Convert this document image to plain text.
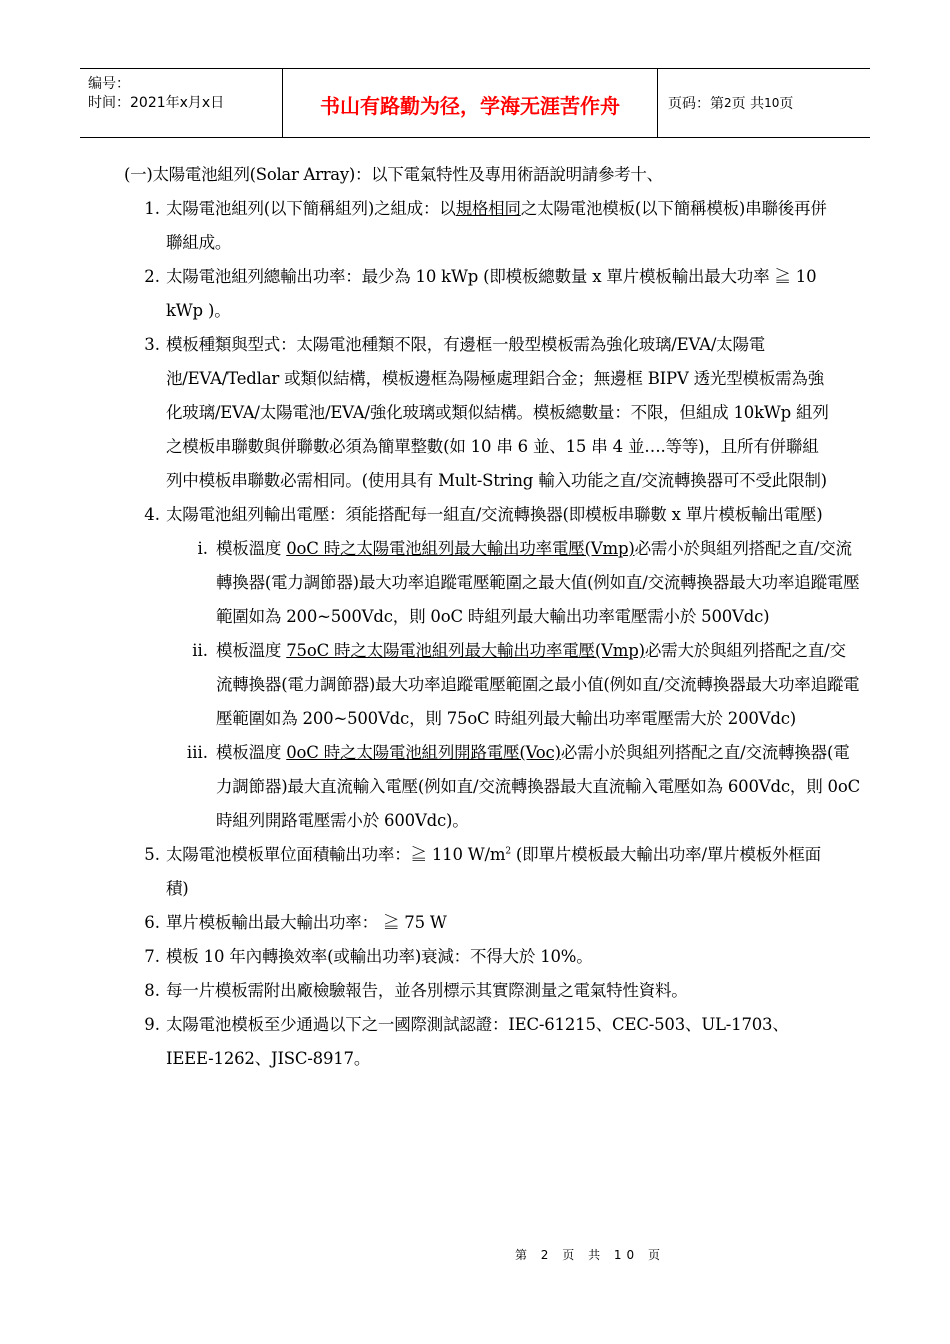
编号：
时间：2021年x月x日	书山有路勤为径，学海无涯苦作舟	页码：第 2 页 共 10 页

(一)太陽電池組列(Solar Array)：以下電氣特性及專用術語說明請參考十、

1. 太陽電池組列(以下簡稱組列)之組成：以規格相同之太陽電池模板(以下簡稱模板)串聯後再併聯組成。
2. 太陽電池組列總輸出功率：最少為 10 kWp (即模板總數量 x 單片模板輸出最大功率 ≧ 10 kWp )。
3. 模板種類與型式：太陽電池種類不限，有邊框一般型模板需為強化玻璃/EVA/太陽電池/EVA/Tedlar 或類似結構，模板邊框為陽極處理鋁合金；無邊框 BIPV 透光型模板需為強化玻璃/EVA/太陽電池/EVA/強化玻璃或類似結構。模板總數量：不限，但組成 10kWp 組列之模板串聯數與併聯數必須為簡單整數(如 10 串 6 並、15 串 4 並….等等)，且所有併聯組列中模板串聯數必需相同。(使用具有 Mult-String 輸入功能之直/交流轉換器可不受此限制)
4. 太陽電池組列輸出電壓：須能搭配每一組直/交流轉換器(即模板串聯數 x 單片模板輸出電壓)
i. 模板溫度 0oC 時之太陽電池組列最大輸出功率電壓(Vmp)必需小於與組列搭配之直/交流轉換器(電力調節器)最大功率追蹤電壓範圍之最大值(例如直/交流轉換器最大功率追蹤電壓範圍如為 200~500Vdc，則 0oC 時組列最大輸出功率電壓需小於 500Vdc)
ii. 模板溫度 75oC 時之太陽電池組列最大輸出功率電壓(Vmp)必需大於與組列搭配之直/交流轉換器(電力調節器)最大功率追蹤電壓範圍之最小值(例如直/交流轉換器最大功率追蹤電壓範圍如為 200~500Vdc，則 75oC 時組列最大輸出功率電壓需大於 200Vdc)
iii. 模板溫度 0oC 時之太陽電池組列開路電壓(Voc)必需小於與組列搭配之直/交流轉換器(電力調節器)最大直流輸入電壓(例如直/交流轉換器最大直流輸入電壓如為 600Vdc，則 0oC 時組列開路電壓需小於 600Vdc)。
5. 太陽電池模板單位面積輸出功率：≧ 110 $W/m^2$ (即單片模板最大輸出功率/單片模板外框面積)
6. 單片模板輸出最大輸出功率： ≧ 75 W
7. 模板 10 年內轉換效率(或輸出功率)衰減：不得大於 10%。
8. 每一片模板需附出廠檢驗報告，並各別標示其實際測量之電氣特性資料。
9. 太陽電池模板至少通過以下之一國際測試認證：IEC-61215、CEC-503、UL-1703、IEEE-1262、JISC-8917。
第 2 页 共 10 页
